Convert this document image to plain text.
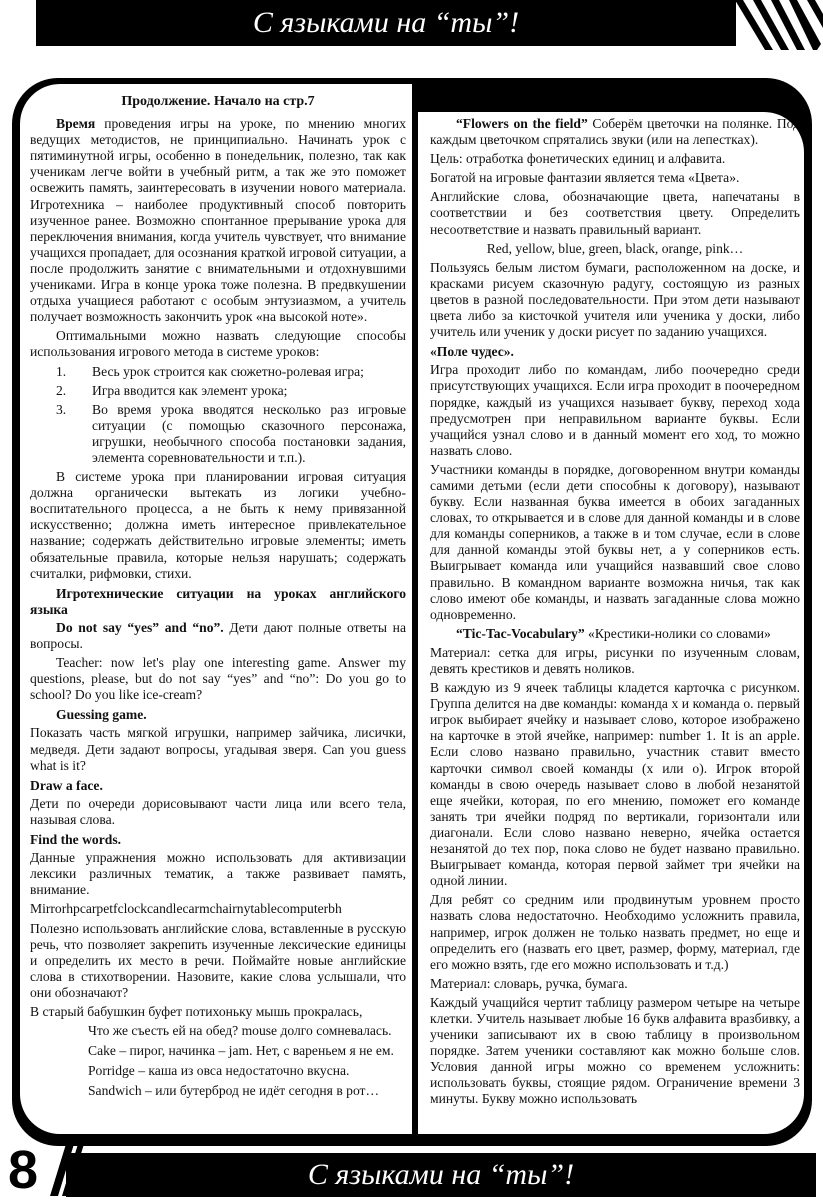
С языками на “ты”!
Продолжение. Начало на стр.7

Время проведения игры на уроке, по мнению многих ведущих методистов, не принципиально. Начинать урок с пятиминутной игры, особенно в понедельник, полезно, так как ученикам легче войти в учебный ритм, а так же это поможет освежить память, заинтересовать в изучении нового материала. Игротехника – наиболее продуктивный способ повторить изученное ранее. Возможно спонтанное прерывание урока для переключения внимания, когда учитель чувствует, что внимание учащихся пропадает, для осознания краткой игровой ситуации, а после продолжить занятие с внимательными и отдохнувшими учениками. Игра в конце урока тоже полезна. В предвкушении отдыха учащиеся работают с особым энтузиазмом, а учитель получает возможность закончить урок «на высокой ноте».

Оптимальными можно назвать следующие способы использования игрового метода в системе уроков:

1. Весь урок строится как сюжетно-ролевая игра;
2. Игра вводится как элемент урока;
3. Во время урока вводятся несколько раз игровые ситуации (с помощью сказочного персонажа, игрушки, необычного способа постановки задания, элемента соревновательности и т.п.).

В системе урока при планировании игровая ситуация должна органически вытекать из логики учебно-воспитательного процесса, а не быть к нему привязанной искусственно; должна иметь интересное привлекательное название; содержать действительно игровые элементы; иметь обязательные правила, которые нельзя нарушать; содержать считалки, рифмовки, стихи.

Игротехнические ситуации на уроках английского языка

Do not say “yes” and “no”. Дети дают полные ответы на вопросы.

Teacher: now let's play one interesting game. Answer my questions, please, but do not say “yes” and “no”: Do you go to school? Do you like ice-cream?

Guessing game.

Показать часть мягкой игрушки, например зайчика, лисички, медведя. Дети задают вопросы, угадывая зверя. Can you guess what is it?

Draw a face.

Дети по очереди дорисовывают части лица или всего тела, называя слова.

Find the words.

Данные упражнения можно использовать для активизации лексики различных тематик, а также развивает память, внимание.

Mirrorhpcarpetfclockcandlecarmchairnytablecomputerbh

Полезно использовать английские слова, вставленные в русскую речь, что позволяет закрепить изученные лексические единицы и определить их место в речи. Поймайте новые английские слова в стихотворении. Назовите, какие слова услышали, что они обозначают?

В старый бабушкин буфет потихоньку мышь прокралась,

Что же съесть ей на обед? mouse долго сомневалась.

Cake – пирог, начинка – jam. Нет, с вареньем я не ем.

Porridge – каша из овса недостаточно вкусна.

Sandwich – или бутерброд не идёт сегодня в рот…

“Flowers on the field” Соберём цветочки на полянке. Под каждым цветочком спрятались звуки (или на лепестках).

Цель: отработка фонетических единиц и алфавита.

Богатой на игровые фантазии является тема «Цвета».

Английские слова, обозначающие цвета, напечатаны в соответствии и без соответствия цвету. Определить несоответствие и назвать правильный вариант.

Red, yellow, blue, green, black, orange, pink…

Пользуясь белым листом бумаги, расположенном на доске, и красками рисуем сказочную радугу, состоящую из разных цветов в разной последовательности. При этом дети называют цвета либо за кисточкой учителя или ученика у доски, либо учитель или ученик у доски рисует по заданию учащихся.

«Поле чудес».

Игра проходит либо по командам, либо поочередно среди присутствующих учащихся. Если игра проходит в поочередном порядке, каждый из учащихся называет букву, переход хода предусмотрен при неправильном варианте буквы. Если учащийся узнал слово и в данный момент его ход, то можно назвать слово.

Участники команды в порядке, договоренном внутри команды самими детьми (если дети способны к договору), называют букву. Если названная буква имеется в обоих загаданных словах, то открывается и в слове для данной команды и в слове для команды соперников, а также в и том случае, если в слове для данной команды этой буквы нет, а у соперников есть. Выигрывает команда или учащийся назвавший свое слово правильно. В командном варианте возможна ничья, так как слово имеют обе команды, и назвать загаданные слова можно одновременно.

“Tic-Tac-Vocabulary” «Крестики-нолики со словами»

Материал: сетка для игры, рисунки по изученным словам, девять крестиков и девять ноликов.

В каждую из 9 ячеек таблицы кладется карточка с рисунком. Группа делится на две команды: команда x и команда o. первый игрок выбирает ячейку и называет слово, которое изображено на карточке в этой ячейке, например: number 1. It is an apple. Если слово названо правильно, участник ставит вместо карточки символ своей команды (x или o). Игрок второй команды в свою очередь называет слово в любой незанятой еще ячейки, которая, по его мнению, поможет его команде занять три ячейки подряд по вертикали, горизонтали или диагонали. Если слово названо неверно, ячейка остается незанятой до тех пор, пока слово не будет названо правильно. Выигрывает команда, которая первой займет три ячейки на одной линии.

Для ребят со средним или продвинутым уровнем просто назвать слова недостаточно. Необходимо усложнить правила, например, игрок должен не только назвать предмет, но еще и определить его (назвать его цвет, размер, форму, материал, где его можно взять, где его можно использовать и т.д.)

Материал: словарь, ручка, бумага.

Каждый учащийся чертит таблицу размером четыре на четыре клетки. Учитель называет любые 16 букв алфавита вразбивку, а ученики записывают их в свою таблицу в произвольном порядке. Затем ученики составляют как можно больше слов. Условия данной игры можно со временем усложнить: использовать буквы, стоящие рядом. Ограничение времени 3 минуты. Букву можно использовать

8	С языками на “ты”!
